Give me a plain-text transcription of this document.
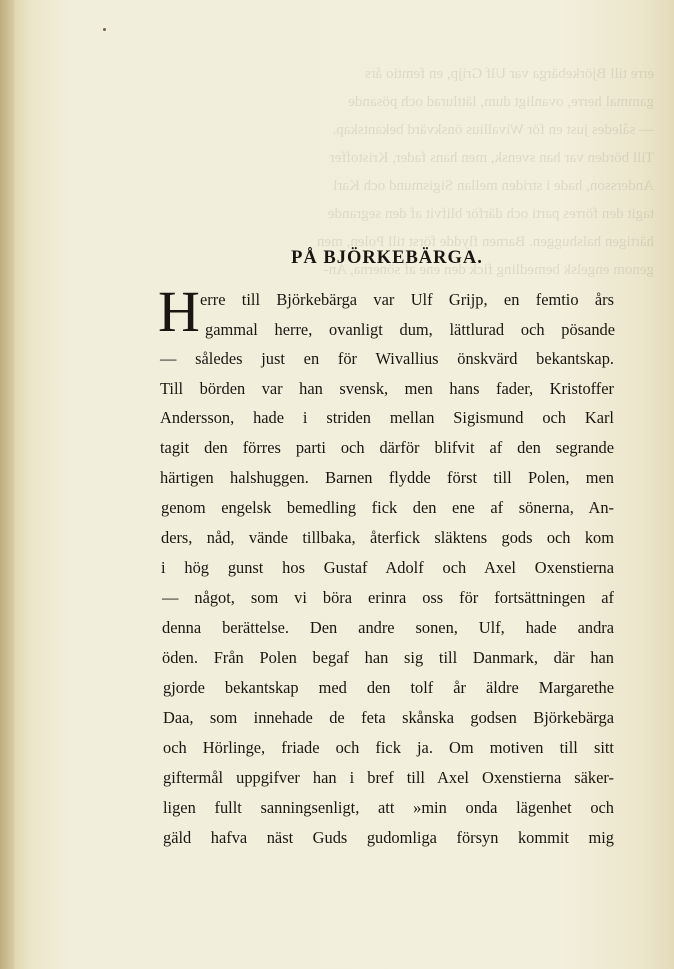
erre till Björkebärga var Ulf Grijp, en femtio års
gammal herre, ovanligt dum, lättlurad och pösande
— således just en för Wivallius önskvärd bekantskap.
Till börden var han svensk, men hans fader, Kristoffer
Andersson, hade i striden mellan Sigismund och Karl
tagit den förres parti och därför blifvit af den segrande
härtigen halshuggen. Barnen flydde först till Polen, men
genom engelsk bemedling fick den ene af sönerna, An-
PÅ BJÖRKEBÄRGA.
H erre till Björkebärga var Ulf Grijp, en femtio års
gammal herre, ovanligt dum, lättlurad och pösande
— således just en för Wivallius önskvärd bekantskap.
Till börden var han svensk, men hans fader, Kristoffer
Andersson, hade i striden mellan Sigismund och Karl
tagit den förres parti och därför blifvit af den segrande
härtigen halshuggen. Barnen flydde först till Polen, men
genom engelsk bemedling fick den ene af sönerna, An-
ders, nåd, vände tillbaka, återfick släktens gods och kom
i hög gunst hos Gustaf Adolf och Axel Oxenstierna
— något, som vi böra erinra oss för fortsättningen af
denna berättelse. Den andre sonen, Ulf, hade andra
öden. Från Polen begaf han sig till Danmark, där han
gjorde bekantskap med den tolf år äldre Margarethe
Daa, som innehade de feta skånska godsen Björkebärga
och Hörlinge, friade och fick ja. Om motiven till sitt
giftermål uppgifver han i bref till Axel Oxenstierna säker-
ligen fullt sanningsenligt, att »min onda lägenhet och
gäld hafva näst Guds gudomliga försyn kommit mig
